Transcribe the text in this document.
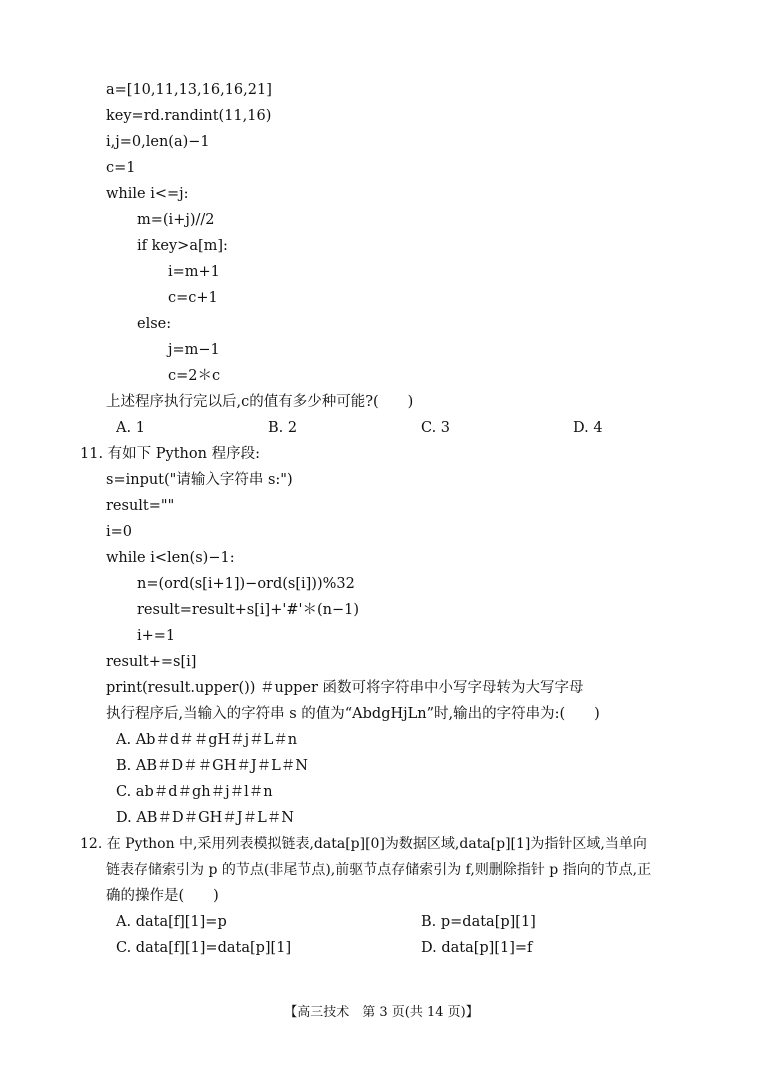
a=[10,11,13,16,16,21]
key=rd.randint(11,16)
i,j=0,len(a)−1
c=1
while i<=j:
m=(i+j)//2
if key>a[m]:
i=m+1
c=c+1
else:
j=m−1
c=2＊c
上述程序执行完以后,c的值有多少种可能?(　　)
A. 1	B. 2	C. 3	D. 4
11. 有如下 Python 程序段:
s=input("请输入字符串 s:")
result=""
i=0
while i<len(s)−1:
n=(ord(s[i+1])−ord(s[i]))%32
result=result+s[i]+'#'＊(n−1)
i+=1
result+=s[i]
print(result.upper()) ＃upper 函数可将字符串中小写字母转为大写字母
执行程序后,当输入的字符串 s 的值为“AbdgHjLn”时,输出的字符串为:(　　)
A. Ab＃d＃＃gH＃j＃L＃n
B. AB＃D＃＃GH＃J＃L＃N
C. ab＃d＃gh＃j＃l＃n
D. AB＃D＃GH＃J＃L＃N
12. 在 Python 中,采用列表模拟链表,data[p][0]为数据区域,data[p][1]为指针区域,当单向
链表存储索引为 p 的节点(非尾节点),前驱节点存储索引为 f,则删除指针 p 指向的节点,正
确的操作是(　　)
A. data[f][1]=p	B. p=data[p][1]
C. data[f][1]=data[p][1]	D. data[p][1]=f
【高三技术　第 3 页(共 14 页)】
